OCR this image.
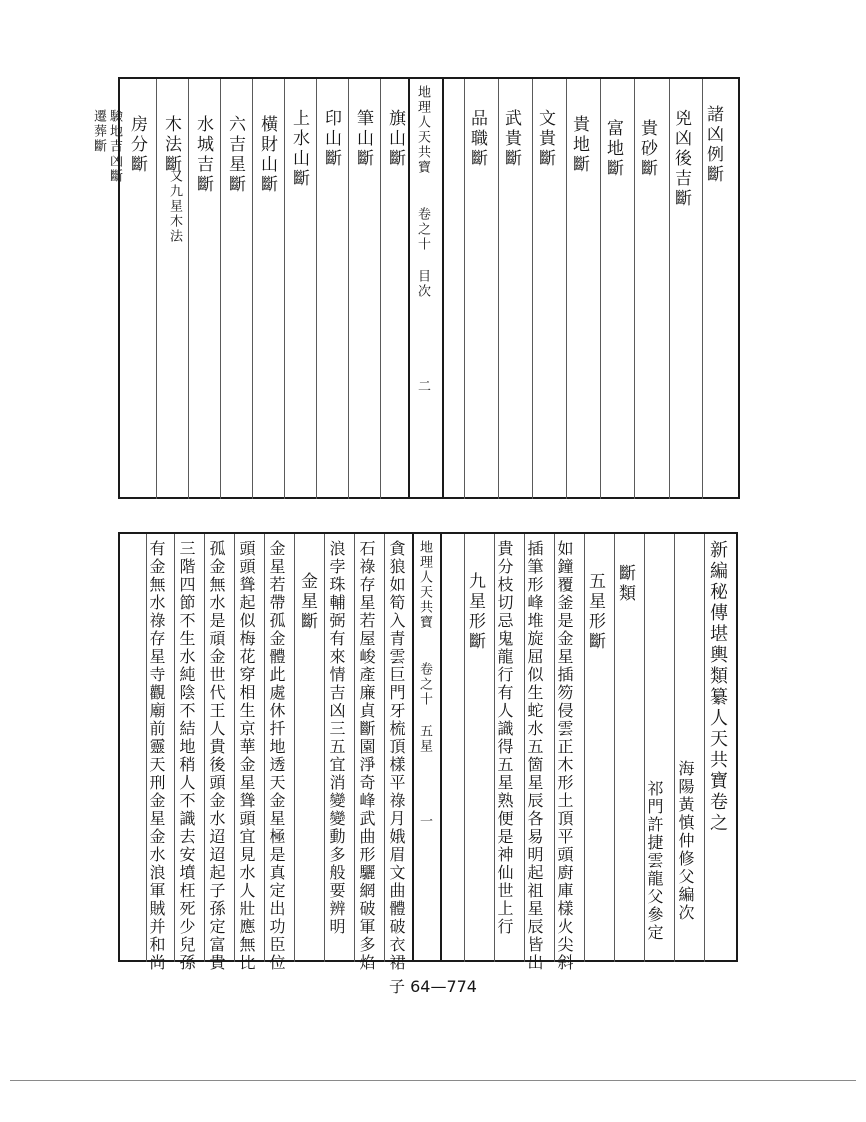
諸凶例斷
兇凶後吉斷
貴砂斷
富地斷
貴地斷
文貴斷
武貴斷
品職斷
地理人天共寶
卷之十 目次
二
旗山斷
筆山斷
印山斷
上水山斷
橫財山斷
六吉星斷
水城吉斷
木法斷
又九星木法
房分斷
驗地吉凶斷
遷葬斷
新編秘傳堪輿類纂人天共寶卷之
海陽黃慎仲修父編次
祁門許捷雲龍父參定
斷類
五星形斷
如鐘覆釜是金星插笏侵雲正木形土頂平頭廚庫樣火尖斜
插筆形峰堆旋屈似生蛇水五箇星辰各易明起祖星辰皆出
貴分枝切忌鬼龍行有人識得五星熟便是神仙世上行
九星形斷
地理人天共寶
卷之十 五星
一
貪狼如筍入青雲巨門牙梳頂樣平祿月娥眉文曲體破衣裙
石祿存星若屋峻產廉貞斷園淨奇峰武曲形驪網破軍多焰
浪孛珠輔弼有來情吉凶三五宜消變變動多般要辨明
金星斷
金星若帶孤金體此處休扦地透天金星極是真定出功臣位
頭頭聳起似梅花穿相生京華金星聳頭宜見水人壯應無比
孤金無水是頑金世代王人貴後頭金水迢迢起子孫定富貴
三階四節不生水純陰不結地稍人不識去安墳枉死少兒孫
有金無水祿存星寺觀廟前靈天刑金星金水浪軍賊并和尚
子 64—774
